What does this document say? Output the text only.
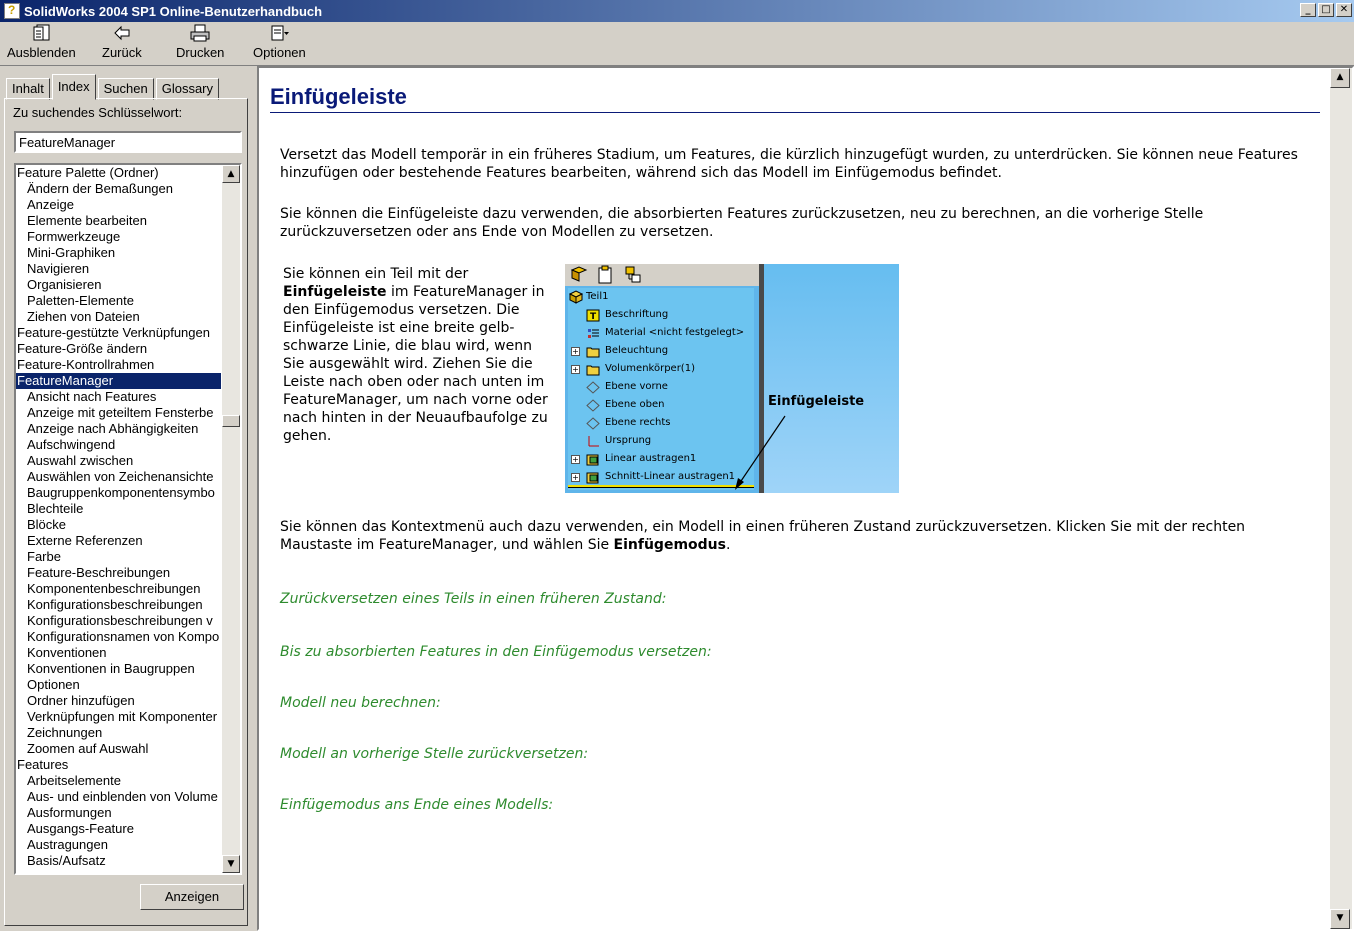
?
SolidWorks 2004 SP1 Online-Benutzerhandbuch	_	□ ✕
Ausblenden Zurück	Drucken Optionen
Inhalt	Index	Suchen	Glossary
Zu suchendes Schlüsselwort:
FeatureManager
Feature Palette (Ordner)
Ändern der Bemaßungen
Anzeige
Elemente bearbeiten
Formwerkzeuge
Mini-Graphiken
Navigieren
Organisieren
Paletten-Elemente
Ziehen von Dateien
Feature-gestützte Verknüpfungen
Feature-Größe ändern
Feature-Kontrollrahmen
FeatureManager
Ansicht nach Features
Anzeige mit geteiltem Fensterbe
Anzeige nach Abhängigkeiten
Aufschwingend
Auswahl zwischen
Auswählen von Zeichenansichte
Baugruppenkomponentensymbo
Blechteile
Blöcke
Externe Referenzen
Farbe
Feature-Beschreibungen
Komponentenbeschreibungen
Konfigurationsbeschreibungen
Konfigurationsbeschreibungen v
Konfigurationsnamen von Kompo
Konventionen
Konventionen in Baugruppen
Optionen
Ordner hinzufügen
Verknüpfungen mit Komponenter
Zeichnungen
Zoomen auf Auswahl
Features
Arbeitselemente
Aus- und einblenden von Volume
Ausformungen
Ausgangs-Feature
Austragungen
Basis/Aufsatz
▲
▼
Anzeigen
Einfügeleiste
Versetzt das Modell temporär in ein früheres Stadium, um Features, die kürzlich hinzugefügt wurden, zu unterdrücken. Sie können neue Features hinzufügen oder bestehende Features bearbeiten, während sich das Modell im Einfügemodus befindet.
Sie können die Einfügeleiste dazu verwenden, die absorbierten Features zurückzusetzen, neu zu berechnen, an die vorherige Stelle zurückzuversetzen oder ans Ende von Modellen zu versetzen.
Sie können ein Teil mit der Einfügeleiste im FeatureManager in den Einfügemodus versetzen. Die Einfügeleiste ist eine breite gelb-schwarze Linie, die blau wird, wenn Sie ausgewählt wird. Ziehen Sie die Leiste nach oben oder nach unten im FeatureManager, um nach vorne oder nach hinten in der Neuaufbaufolge zu gehen.
Teil1
T Beschriftung
Material <nicht festgelegt>
+	Beleuchtung
+	Volumenkörper(1)
Ebene vorne
Ebene oben
Ebene rechts
Ursprung
+	Linear austragen1
+	Schnitt-Linear austragen1
Einfügeleiste
Sie können das Kontextmenü auch dazu verwenden, ein Modell in einen früheren Zustand zurückzuversetzen. Klicken Sie mit der rechten Maustaste im FeatureManager, und wählen Sie Einfügemodus.
Zurückversetzen eines Teils in einen früheren Zustand:
Bis zu absorbierten Features in den Einfügemodus versetzen:
Modell neu berechnen:
Modell an vorherige Stelle zurückversetzen:
Einfügemodus ans Ende eines Modells:
▲
▼
